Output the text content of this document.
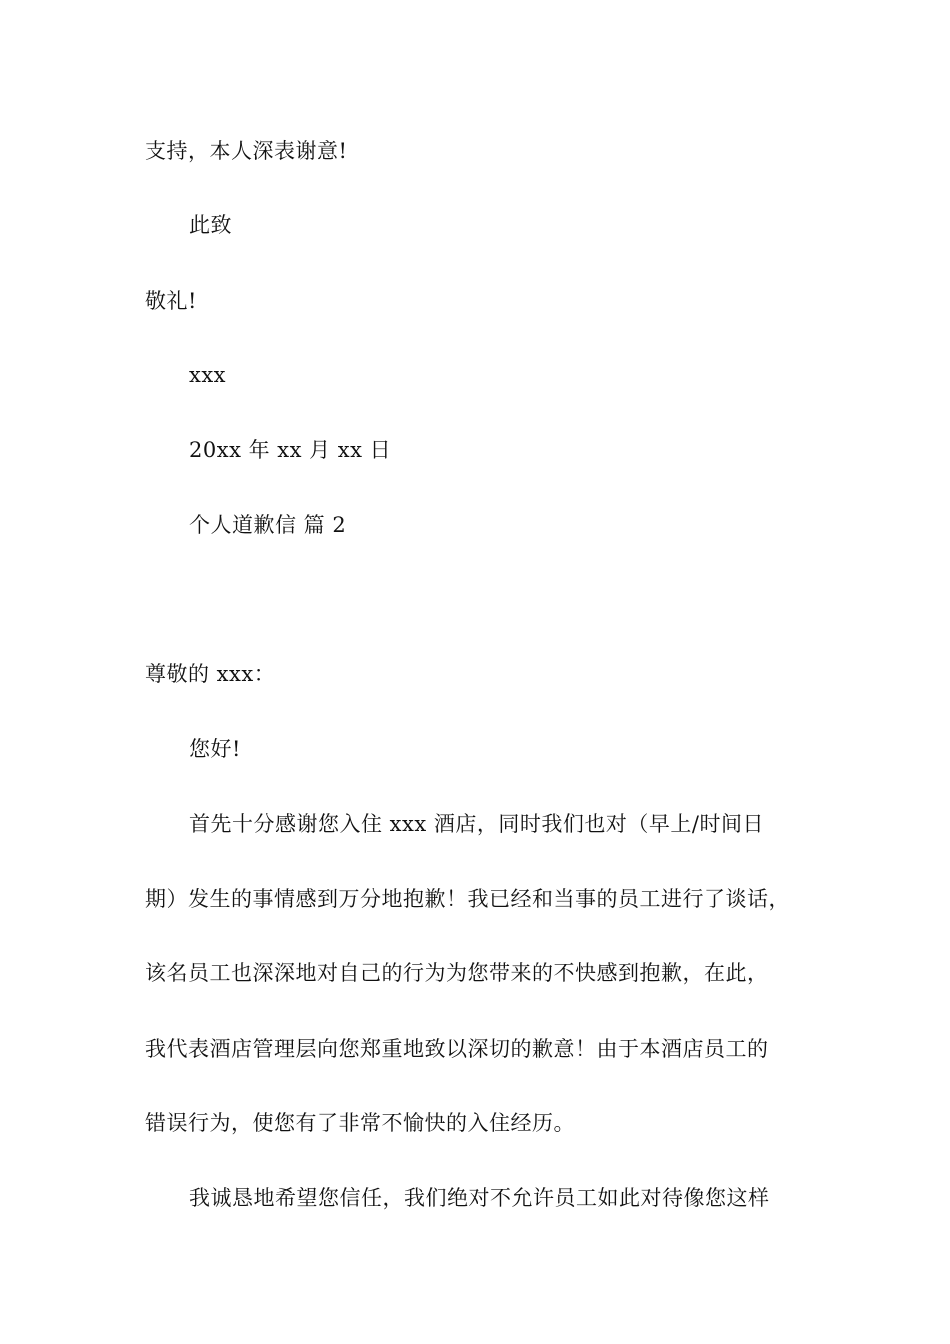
支持，本人深表谢意!
此致
敬礼!
xxx
20xx 年 xx 月 xx 日
个人道歉信 篇 2
尊敬的 xxx：
您好!
首先十分感谢您入住 xxx 酒店，同时我们也对（早上/时间日
期）发生的事情感到万分地抱歉！我已经和当事的员工进行了谈话，
该名员工也深深地对自己的行为为您带来的不快感到抱歉，在此，
我代表酒店管理层向您郑重地致以深切的歉意！由于本酒店员工的
错误行为，使您有了非常不愉快的入住经历。
我诚恳地希望您信任，我们绝对不允许员工如此对待像您这样
